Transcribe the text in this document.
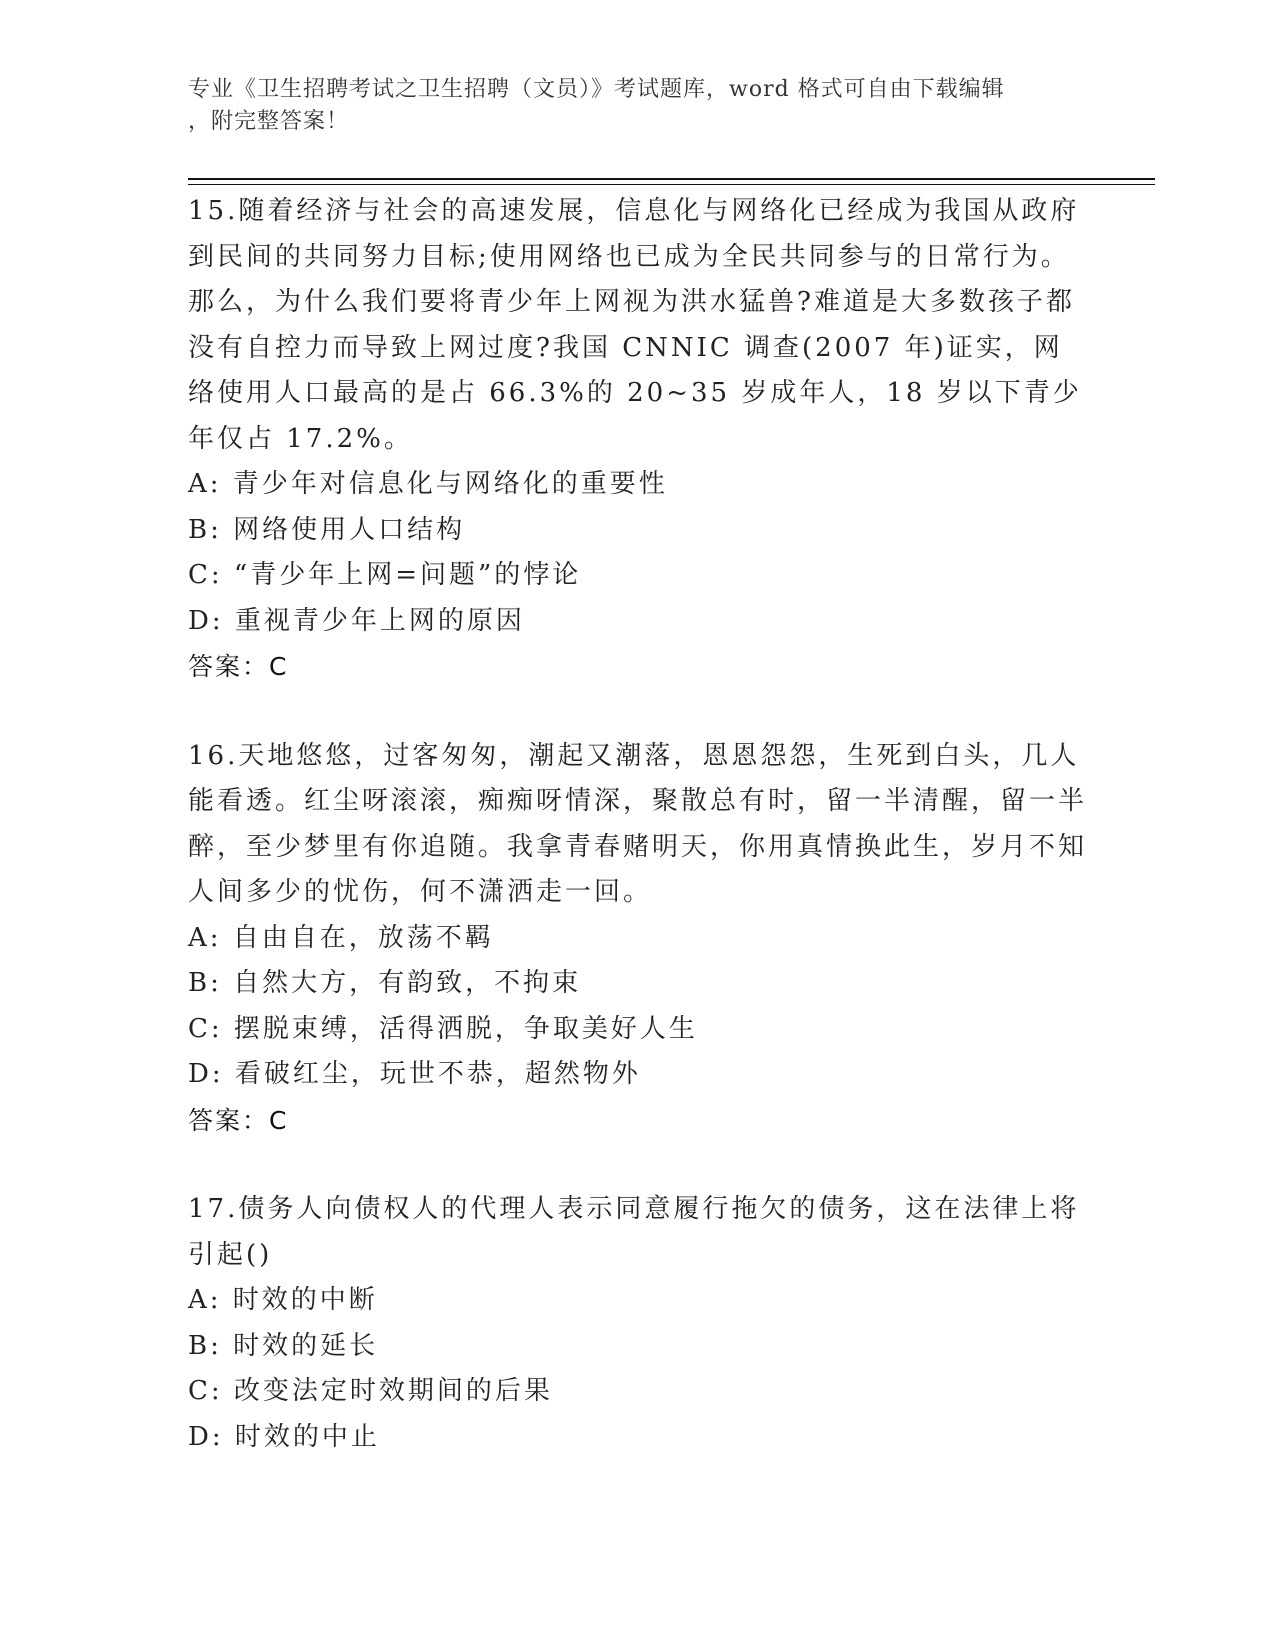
专业《卫生招聘考试之卫生招聘（文员）》考试题库，word 格式可自由下载编辑
，附完整答案！
15.随着经济与社会的高速发展，信息化与网络化已经成为我国从政府到民间的共同努力目标;使用网络也已成为全民共同参与的日常行为。那么，为什么我们要将青少年上网视为洪水猛兽?难道是大多数孩子都没有自控力而导致上网过度?我国 CNNIC 调查(2007 年)证实，网络使用人口最高的是占 66.3%的 20~35 岁成年人，18 岁以下青少年仅占 17.2%。
A: 青少年对信息化与网络化的重要性
B: 网络使用人口结构
C: “青少年上网=问题”的悖论
D: 重视青少年上网的原因
答案：C
16.天地悠悠，过客匆匆，潮起又潮落，恩恩怨怨，生死到白头，几人能看透。红尘呀滚滚，痴痴呀情深，聚散总有时，留一半清醒，留一半醉，至少梦里有你追随。我拿青春赌明天，你用真情换此生，岁月不知人间多少的忧伤，何不潇洒走一回。
A: 自由自在，放荡不羁
B: 自然大方，有韵致，不拘束
C: 摆脱束缚，活得洒脱，争取美好人生
D: 看破红尘，玩世不恭，超然物外
答案：C
17.债务人向债权人的代理人表示同意履行拖欠的债务，这在法律上将引起()
A: 时效的中断
B: 时效的延长
C: 改变法定时效期间的后果
D: 时效的中止
